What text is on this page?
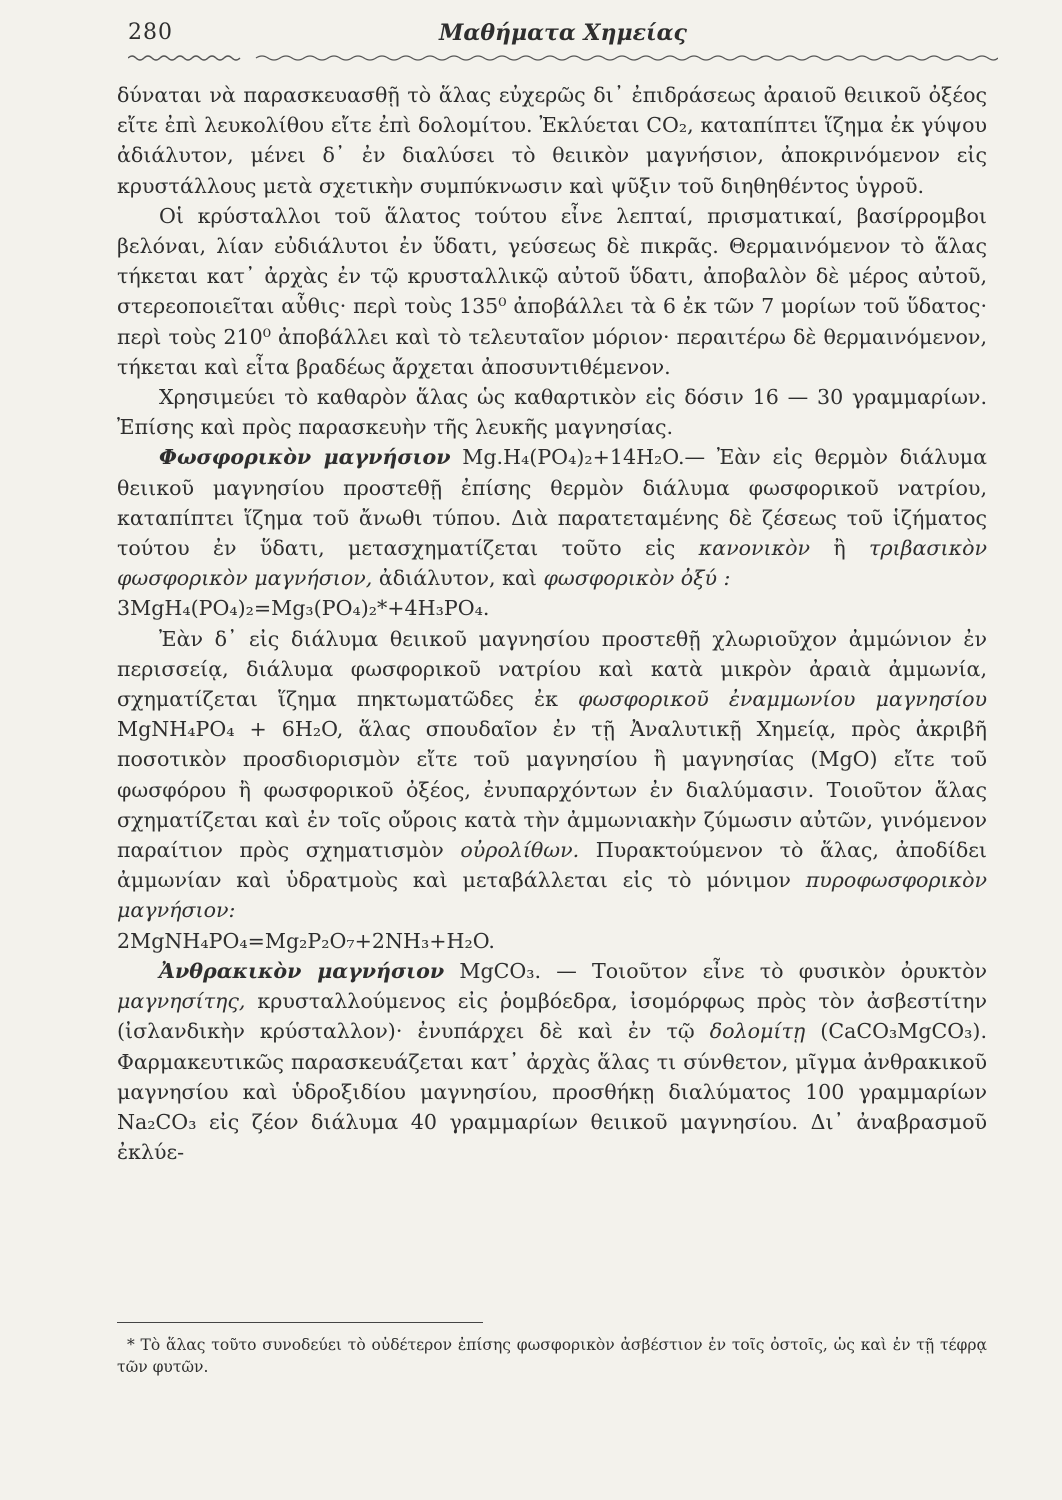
280	Μαθήματα Χημείας

δύναται νὰ παρασκευασθῇ τὸ ἅλας εὐχερῶς δι᾽ ἐπιδράσεως ἀραιοῦ θειικοῦ ὀξέος εἴτε ἐπὶ λευκολίθου εἴτε ἐπὶ δολομίτου. Ἐκλύεται CO₂, καταπίπτει ἵζημα ἐκ γύψου ἀδιάλυτον, μένει δ᾽ ἐν διαλύσει τὸ θειικὸν μαγνήσιον, ἀποκρινόμενον εἰς κρυστάλλους μετὰ σχετικὴν συμπύκνωσιν καὶ ψῦξιν τοῦ διηθηθέντος ὑγροῦ.

Οἱ κρύσταλλοι τοῦ ἅλατος τούτου εἶνε λεπταί, πρισματικαί, βασίρρομβοι βελόναι, λίαν εὐδιάλυτοι ἐν ὕδατι, γεύσεως δὲ πικρᾶς. Θερμαινόμενον τὸ ἅλας τήκεται κατ᾽ ἀρχὰς ἐν τῷ κρυσταλλικῷ αὐτοῦ ὕδατι, ἀποβαλὸν δὲ μέρος αὐτοῦ, στερεοποιεῖται αὖθις· περὶ τοὺς 135⁰ ἀποβάλλει τὰ 6 ἐκ τῶν 7 μορίων τοῦ ὕδατος· περὶ τοὺς 210⁰ ἀποβάλλει καὶ τὸ τελευταῖον μόριον· περαιτέρω δὲ θερμαινόμενον, τήκεται καὶ εἶτα βραδέως ἄρχεται ἀποσυντιθέμενον.

Χρησιμεύει τὸ καθαρὸν ἅλας ὡς καθαρτικὸν εἰς δόσιν 16 — 30 γραμμαρίων. Ἐπίσης καὶ πρὸς παρασκευὴν τῆς λευκῆς μαγνησίας.

Φωσφορικὸν μαγνήσιον Mg.H₄(PO₄)₂+14H₂O.— Ἐὰν εἰς θερμὸν διάλυμα θειικοῦ μαγνησίου προστεθῇ ἐπίσης θερμὸν διάλυμα φωσφορικοῦ νατρίου, καταπίπτει ἵζημα τοῦ ἄνωθι τύπου. Διὰ παρατεταμένης δὲ ζέσεως τοῦ ἱζήματος τούτου ἐν ὕδατι, μετασχηματίζεται τοῦτο εἰς κανονικὸν ἢ τριβασικὸν φωσφορικὸν μαγνήσιον, ἀδιάλυτον, καὶ φωσφορικὸν ὀξύ :

3MgH₄(PO₄)₂=Mg₃(PO₄)₂*+4H₃PO₄.

Ἐὰν δ᾽ εἰς διάλυμα θειικοῦ μαγνησίου προστεθῇ χλωριοῦχον ἀμμώνιον ἐν περισσείᾳ, διάλυμα φωσφορικοῦ νατρίου καὶ κατὰ μικρὸν ἀραιὰ ἀμμωνία, σχηματίζεται ἵζημα πηκτωματῶδες ἐκ φωσφορικοῦ ἐναμμωνίου μαγνησίου MgNH₄PO₄ + 6H₂O, ἅλας σπουδαῖον ἐν τῇ Ἀναλυτικῇ Χημείᾳ, πρὸς ἀκριβῆ ποσοτικὸν προσδιορισμὸν εἴτε τοῦ μαγνησίου ἢ μαγνησίας (MgO) εἴτε τοῦ φωσφόρου ἢ φωσφορικοῦ ὀξέος, ἐνυπαρχόντων ἐν διαλύμασιν. Τοιοῦτον ἅλας σχηματίζεται καὶ ἐν τοῖς οὔροις κατὰ τὴν ἀμμωνιακὴν ζύμωσιν αὐτῶν, γινόμενον παραίτιον πρὸς σχηματισμὸν οὐρολίθων. Πυρακτούμενον τὸ ἅλας, ἀποδίδει ἀμμωνίαν καὶ ὑδρατμοὺς καὶ μεταβάλλεται εἰς τὸ μόνιμον πυροφωσφορικὸν μαγνήσιον:

2MgNH₄PO₄=Mg₂P₂O₇+2NH₃+H₂O.

Ἀνθρακικὸν μαγνήσιον MgCO₃. — Τοιοῦτον εἶνε τὸ φυσικὸν ὀρυκτὸν μαγνησίτης, κρυσταλλούμενος εἰς ῥομβόεδρα, ἰσομόρφως πρὸς τὸν ἀσβεστίτην (ἰσλανδικὴν κρύσταλλον)· ἐνυπάρχει δὲ καὶ ἐν τῷ δολομίτῃ (CaCO₃MgCO₃). Φαρμακευτικῶς παρασκευάζεται κατ᾽ ἀρχὰς ἅλας τι σύνθετον, μῖγμα ἀνθρακικοῦ μαγνησίου καὶ ὑδροξιδίου μαγνησίου, προσθήκῃ διαλύματος 100 γραμμαρίων Na₂CO₃ εἰς ζέον διάλυμα 40 γραμμαρίων θειικοῦ μαγνησίου. Δι᾽ ἀναβρασμοῦ ἐκλύε-

* Τὸ ἅλας τοῦτο συνοδεύει τὸ οὐδέτερον ἐπίσης φωσφορικὸν ἀσβέστιον ἐν τοῖς ὀστοῖς, ὡς καὶ ἐν τῇ τέφρᾳ τῶν φυτῶν.
